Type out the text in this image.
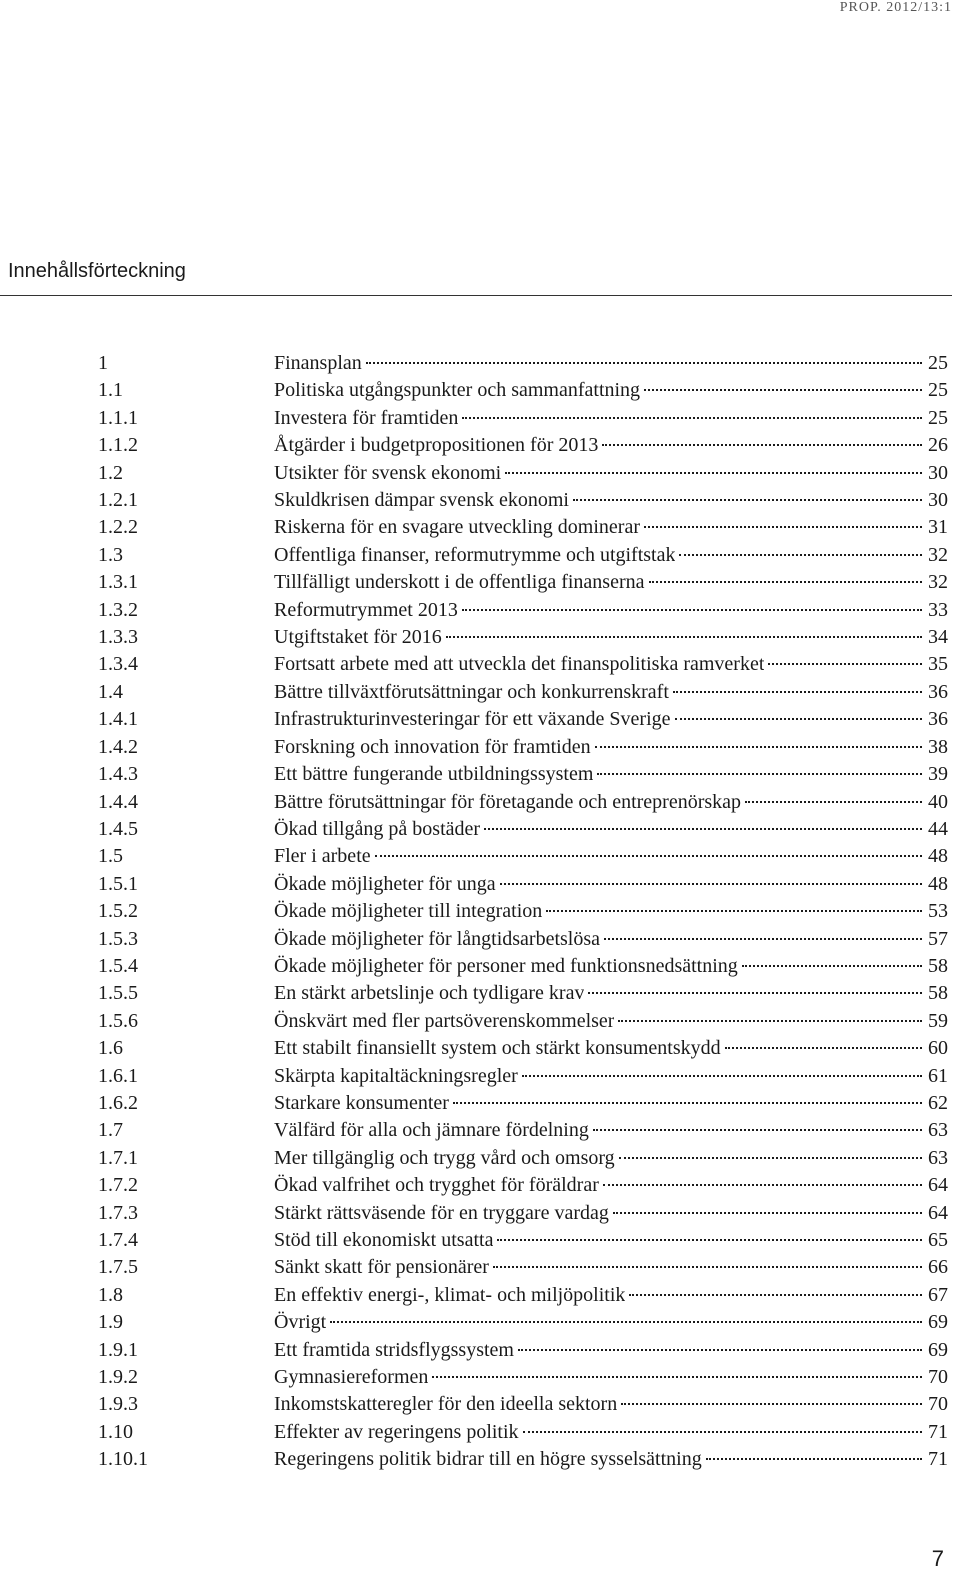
PROP. 2012/13:1
Innehållsförteckning
1	Finansplan	25
1.1	Politiska utgångspunkter och sammanfattning	25
1.1.1	Investera för framtiden	25
1.1.2	Åtgärder i budgetpropositionen för 2013	26
1.2	Utsikter för svensk ekonomi	30
1.2.1	Skuldkrisen dämpar svensk ekonomi	30
1.2.2	Riskerna för en svagare utveckling dominerar	31
1.3	Offentliga finanser, reformutrymme och utgiftstak	32
1.3.1	Tillfälligt underskott i de offentliga finanserna	32
1.3.2	Reformutrymmet 2013	33
1.3.3	Utgiftstaket för 2016	34
1.3.4	Fortsatt arbete med att utveckla det finanspolitiska ramverket	35
1.4	Bättre tillväxtförutsättningar och konkurrenskraft	36
1.4.1	Infrastrukturinvesteringar för ett växande Sverige	36
1.4.2	Forskning och innovation för framtiden	38
1.4.3	Ett bättre fungerande utbildningssystem	39
1.4.4	Bättre förutsättningar för företagande och entreprenörskap	40
1.4.5	Ökad tillgång på bostäder	44
1.5	Fler i arbete	48
1.5.1	Ökade möjligheter för unga	48
1.5.2	Ökade möjligheter till integration	53
1.5.3	Ökade möjligheter för långtidsarbetslösa	57
1.5.4	Ökade möjligheter för personer med funktionsnedsättning	58
1.5.5	En stärkt arbetslinje och tydligare krav	58
1.5.6	Önskvärt med fler partsöverenskommelser	59
1.6	Ett stabilt finansiellt system och stärkt konsumentskydd	60
1.6.1	Skärpta kapitaltäckningsregler	61
1.6.2	Starkare konsumenter	62
1.7	Välfärd för alla och jämnare fördelning	63
1.7.1	Mer tillgänglig och trygg vård och omsorg	63
1.7.2	Ökad valfrihet och trygghet för föräldrar	64
1.7.3	Stärkt rättsväsende för en tryggare vardag	64
1.7.4	Stöd till ekonomiskt utsatta	65
1.7.5	Sänkt skatt för pensionärer	66
1.8	En effektiv energi-, klimat- och miljöpolitik	67
1.9	Övrigt	69
1.9.1	Ett framtida stridsflygssystem	69
1.9.2	Gymnasiereformen	70
1.9.3	Inkomstskatteregler för den ideella sektorn	70
1.10	Effekter av regeringens politik	71
1.10.1	Regeringens politik bidrar till en högre sysselsättning	71
7
